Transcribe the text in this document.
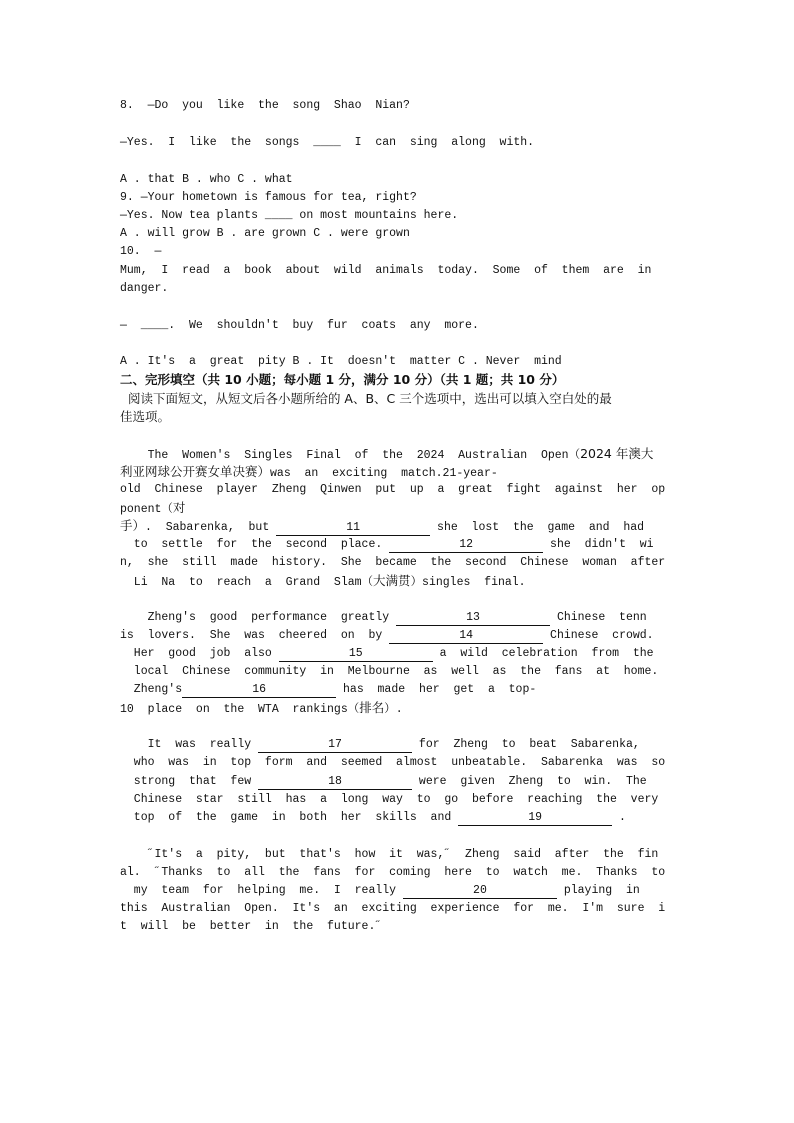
8.  —Do  you  like  the  song  Shao  Nian?
—Yes.  I  like  the  songs  ____  I  can  sing  along  with.
A . that B . who C . what
9. —Your hometown is famous for tea, right?
—Yes. Now tea plants ____ on most mountains here.
A . will grow B . are grown C . were grown
10.  —
Mum,  I  read  a  book  about  wild  animals  today.  Some  of  them  are  in
danger.
—  ____.  We  shouldn't  buy  fur  coats  any  more.
A . It's  a  great  pity B . It  doesn't  matter C . Never  mind
二、完形填空（共 10 小题；每小题 1 分，满分 10 分）（共 1 题；共 10 分）
阅读下面短文，从短文后各小题所给的 A、B、C 三个选项中，选出可以填入空白处的最
佳选项。
The  Women's  Singles  Final  of  the  2024  Australian  Open（2024 年澳大
利亚网球公开赛女单决赛）was  an  exciting  match.21-year-
old  Chinese  player  Zheng  Qinwen  put  up  a  great  fight  against  her  op
ponent（对
手）.  Sabarenka,  but	11	she  lost  the  game  and  had
to  settle  for  the  second  place.	12	she  didn't  wi
n,  she  still  made  history.  She  became  the  second  Chinese  woman  after
Li  Na  to  reach  a  Grand  Slam（大满贯）singles  final.
Zheng's  good  performance  greatly	13	Chinese  tenn
is  lovers.  She  was  cheered  on  by	14	Chinese  crowd.
Her  good  job  also	15	a  wild  celebration  from  the
local  Chinese  community  in  Melbourne  as  well  as  the  fans  at  home.
Zheng's	16	has  made  her  get  a  top-
10  place  on  the  WTA  rankings（排名）.
It  was  really	17	for  Zheng  to  beat  Sabarenka,
who  was  in  top  form  and  seemed  almost  unbeatable.  Sabarenka  was  so
strong  that  few	18	were  given  Zheng  to  win.  The
Chinese  star  still  has  a  long  way  to  go  before  reaching  the  very
top  of  the  game  in  both  her  skills  and	19	.
˝It's  a  pity,  but  that's  how  it  was,˝  Zheng  said  after  the  fin
al.  ˝Thanks  to  all  the  fans  for  coming  here  to  watch  me.  Thanks  to
my  team  for  helping  me.  I  really	20	playing  in
this  Australian  Open.  It's  an  exciting  experience  for  me.  I'm  sure  i
t  will  be  better  in  the  future.˝
